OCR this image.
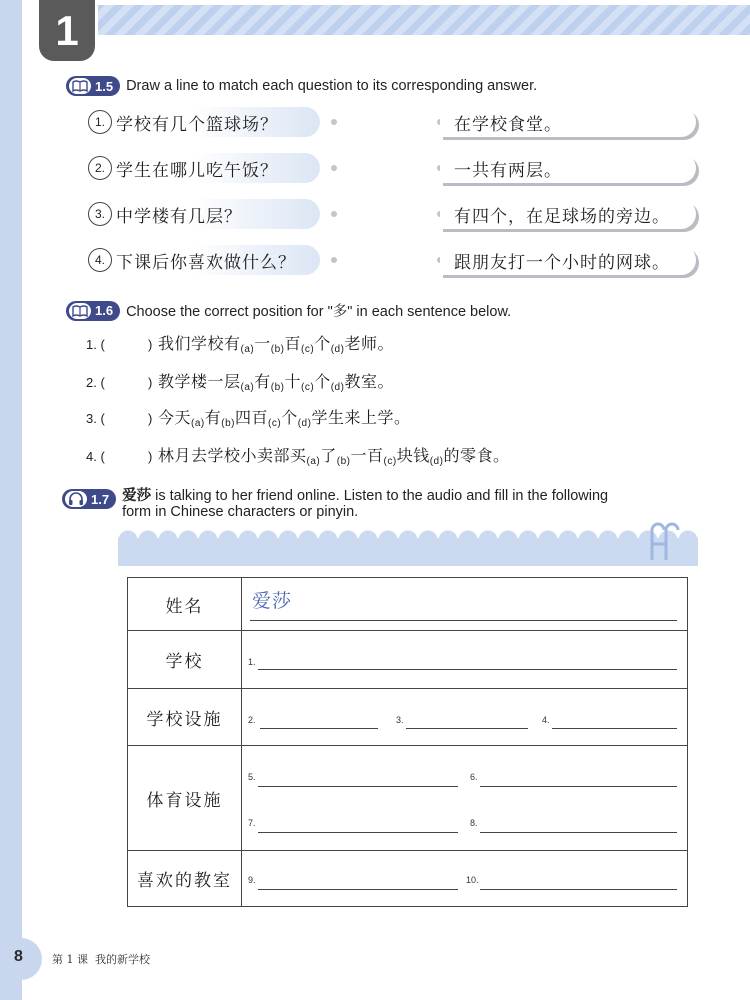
1
1.5 Draw a line to match each question to its corresponding answer.
1. 学校有几个篮球场？
2. 学生在哪儿吃午饭？
3. 中学楼有几层？
4. 下课后你喜欢做什么？
在学校食堂。
一共有两层。
有四个，在足球场的旁边。
跟朋友打一个小时的网球。
1.6 Choose the correct position for "多" in each sentence below.
1. (	) 我们学校有$_{(a)}$一$_{(b)}$百$_{(c)}$个$_{(d)}$老师。
2. (	) 教学楼一层$_{(a)}$有$_{(b)}$十$_{(c)}$个$_{(d)}$教室。
3. (	) 今天$_{(a)}$有$_{(b)}$四百$_{(c)}$个$_{(d)}$学生来上学。
4. (	) 林月去学校小卖部买$_{(a)}$了$_{(b)}$一百$_{(c)}$块钱$_{(d)}$的零食。
1.7 爱莎 is talking to her friend online. Listen to the audio and fill in the following
form in Chinese characters or pinyin.
姓名	爱莎

学校	1.

学校设施	2. 3. 4.

体育设施	5. 6.
7. 8.

喜欢的教室	9. 10.
8	第 1 课 我的新学校
